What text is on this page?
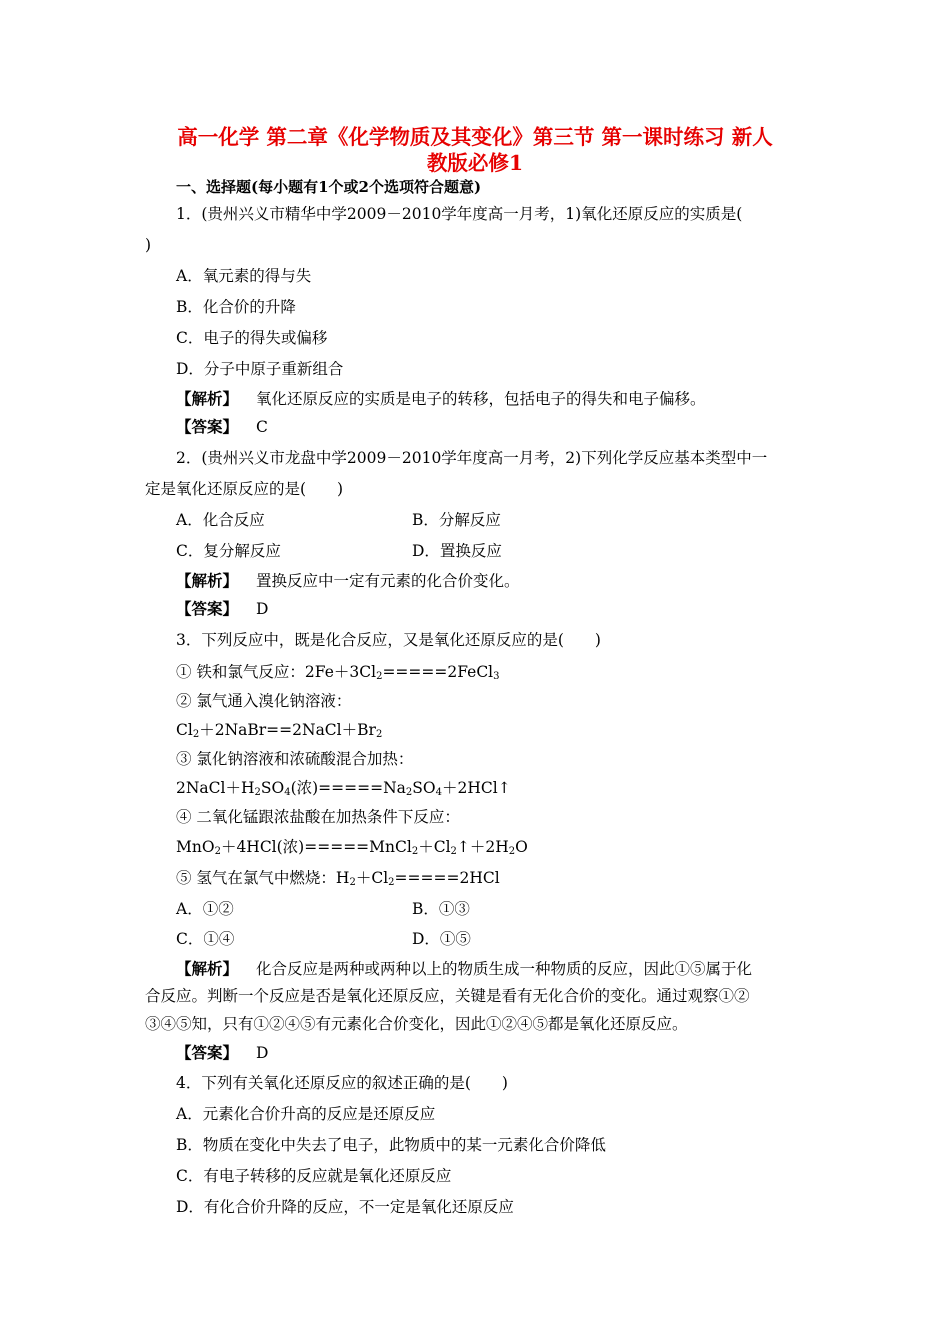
高一化学 第二章《化学物质及其变化》第三节 第一课时练习 新人
教版必修1
一、选择题(每小题有1个或2个选项符合题意)
1．(贵州兴义市精华中学2009－2010学年度高一月考，1)氧化还原反应的实质是(
)
A．氧元素的得与失
B．化合价的升降
C．电子的得失或偏移
D．分子中原子重新组合
【解析】 氧化还原反应的实质是电子的转移，包括电子的得失和电子偏移。
【答案】 C
2．(贵州兴义市龙盘中学2009－2010学年度高一月考，2)下列化学反应基本类型中一
定是氧化还原反应的是(　　)
A．化合反应	B．分解反应
C．复分解反应	D．置换反应
【解析】 置换反应中一定有元素的化合价变化。
【答案】 D
3．下列反应中，既是化合反应，又是氧化还原反应的是(　　)
① 铁和氯气反应：$2Fe+3Cl_2=====2FeCl_3$
② 氯气通入溴化钠溶液：
$Cl_2+2NaBr==2NaCl+Br_2$
③ 氯化钠溶液和浓硫酸混合加热：
$2NaCl+H_2SO_4$(浓)$=====Na_2SO_4+2HCl↑$
④ 二氧化锰跟浓盐酸在加热条件下反应：
MnO$_2$＋4HCl(浓)$=====MnCl_2+Cl_2↑+2H_2O$
⑤ 氢气在氯气中燃烧：$H_2+Cl_2=====2HCl$
A．①②	B．①③
C．①④	D．①⑤
【解析】 化合反应是两种或两种以上的物质生成一种物质的反应，因此①⑤属于化
合反应。判断一个反应是否是氧化还原反应，关键是看有无化合价的变化。通过观察①②
③④⑤知，只有①②④⑤有元素化合价变化，因此①②④⑤都是氧化还原反应。
【答案】 D
4．下列有关氧化还原反应的叙述正确的是(　　)
A．元素化合价升高的反应是还原反应
B．物质在变化中失去了电子，此物质中的某一元素化合价降低
C．有电子转移的反应就是氧化还原反应
D．有化合价升降的反应，不一定是氧化还原反应
